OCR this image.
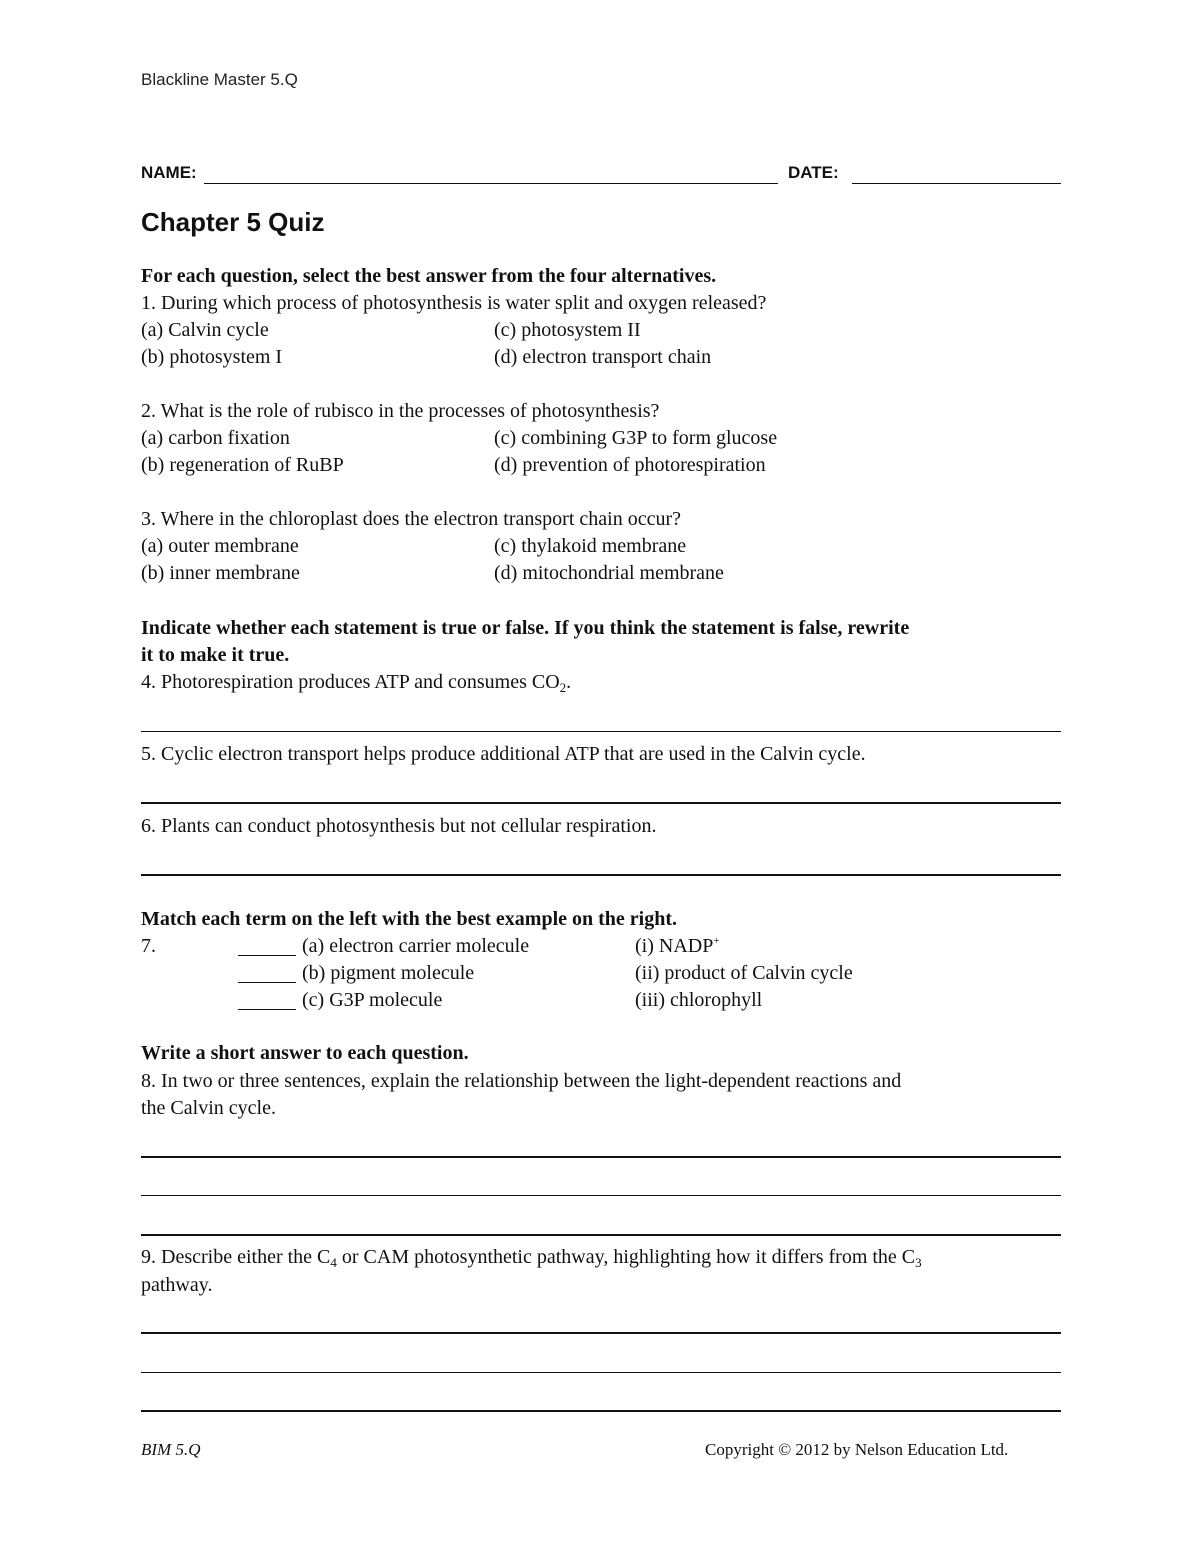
Blackline Master 5.Q
NAME:	DATE:
Chapter 5 Quiz
For each question, select the best answer from the four alternatives.
1. During which process of photosynthesis is water split and oxygen released?
(a) Calvin cycle	(c) photosystem II
(b) photosystem I	(d) electron transport chain
2. What is the role of rubisco in the processes of photosynthesis?
(a) carbon fixation	(c) combining G3P to form glucose
(b) regeneration of RuBP	(d) prevention of photorespiration
3. Where in the chloroplast does the electron transport chain occur?
(a) outer membrane	(c) thylakoid membrane
(b) inner membrane	(d) mitochondrial membrane
Indicate whether each statement is true or false. If you think the statement is false, rewrite
it to make it true.
4. Photorespiration produces ATP and consumes $CO_2$.
5. Cyclic electron transport helps produce additional ATP that are used in the Calvin cycle.
6. Plants can conduct photosynthesis but not cellular respiration.
Match each term on the left with the best example on the right.
7.	(a) electron carrier molecule	(i) NADP+
(b) pigment molecule	(ii) product of Calvin cycle
(c) G3P molecule	(iii) chlorophyll
Write a short answer to each question.
8. In two or three sentences, explain the relationship between the light-dependent reactions and
the Calvin cycle.
9. Describe either the $C_4$ or CAM photosynthetic pathway, highlighting how it differs from the $C_3$
pathway.
BIM 5.Q	Copyright © 2012 by Nelson Education Ltd.
